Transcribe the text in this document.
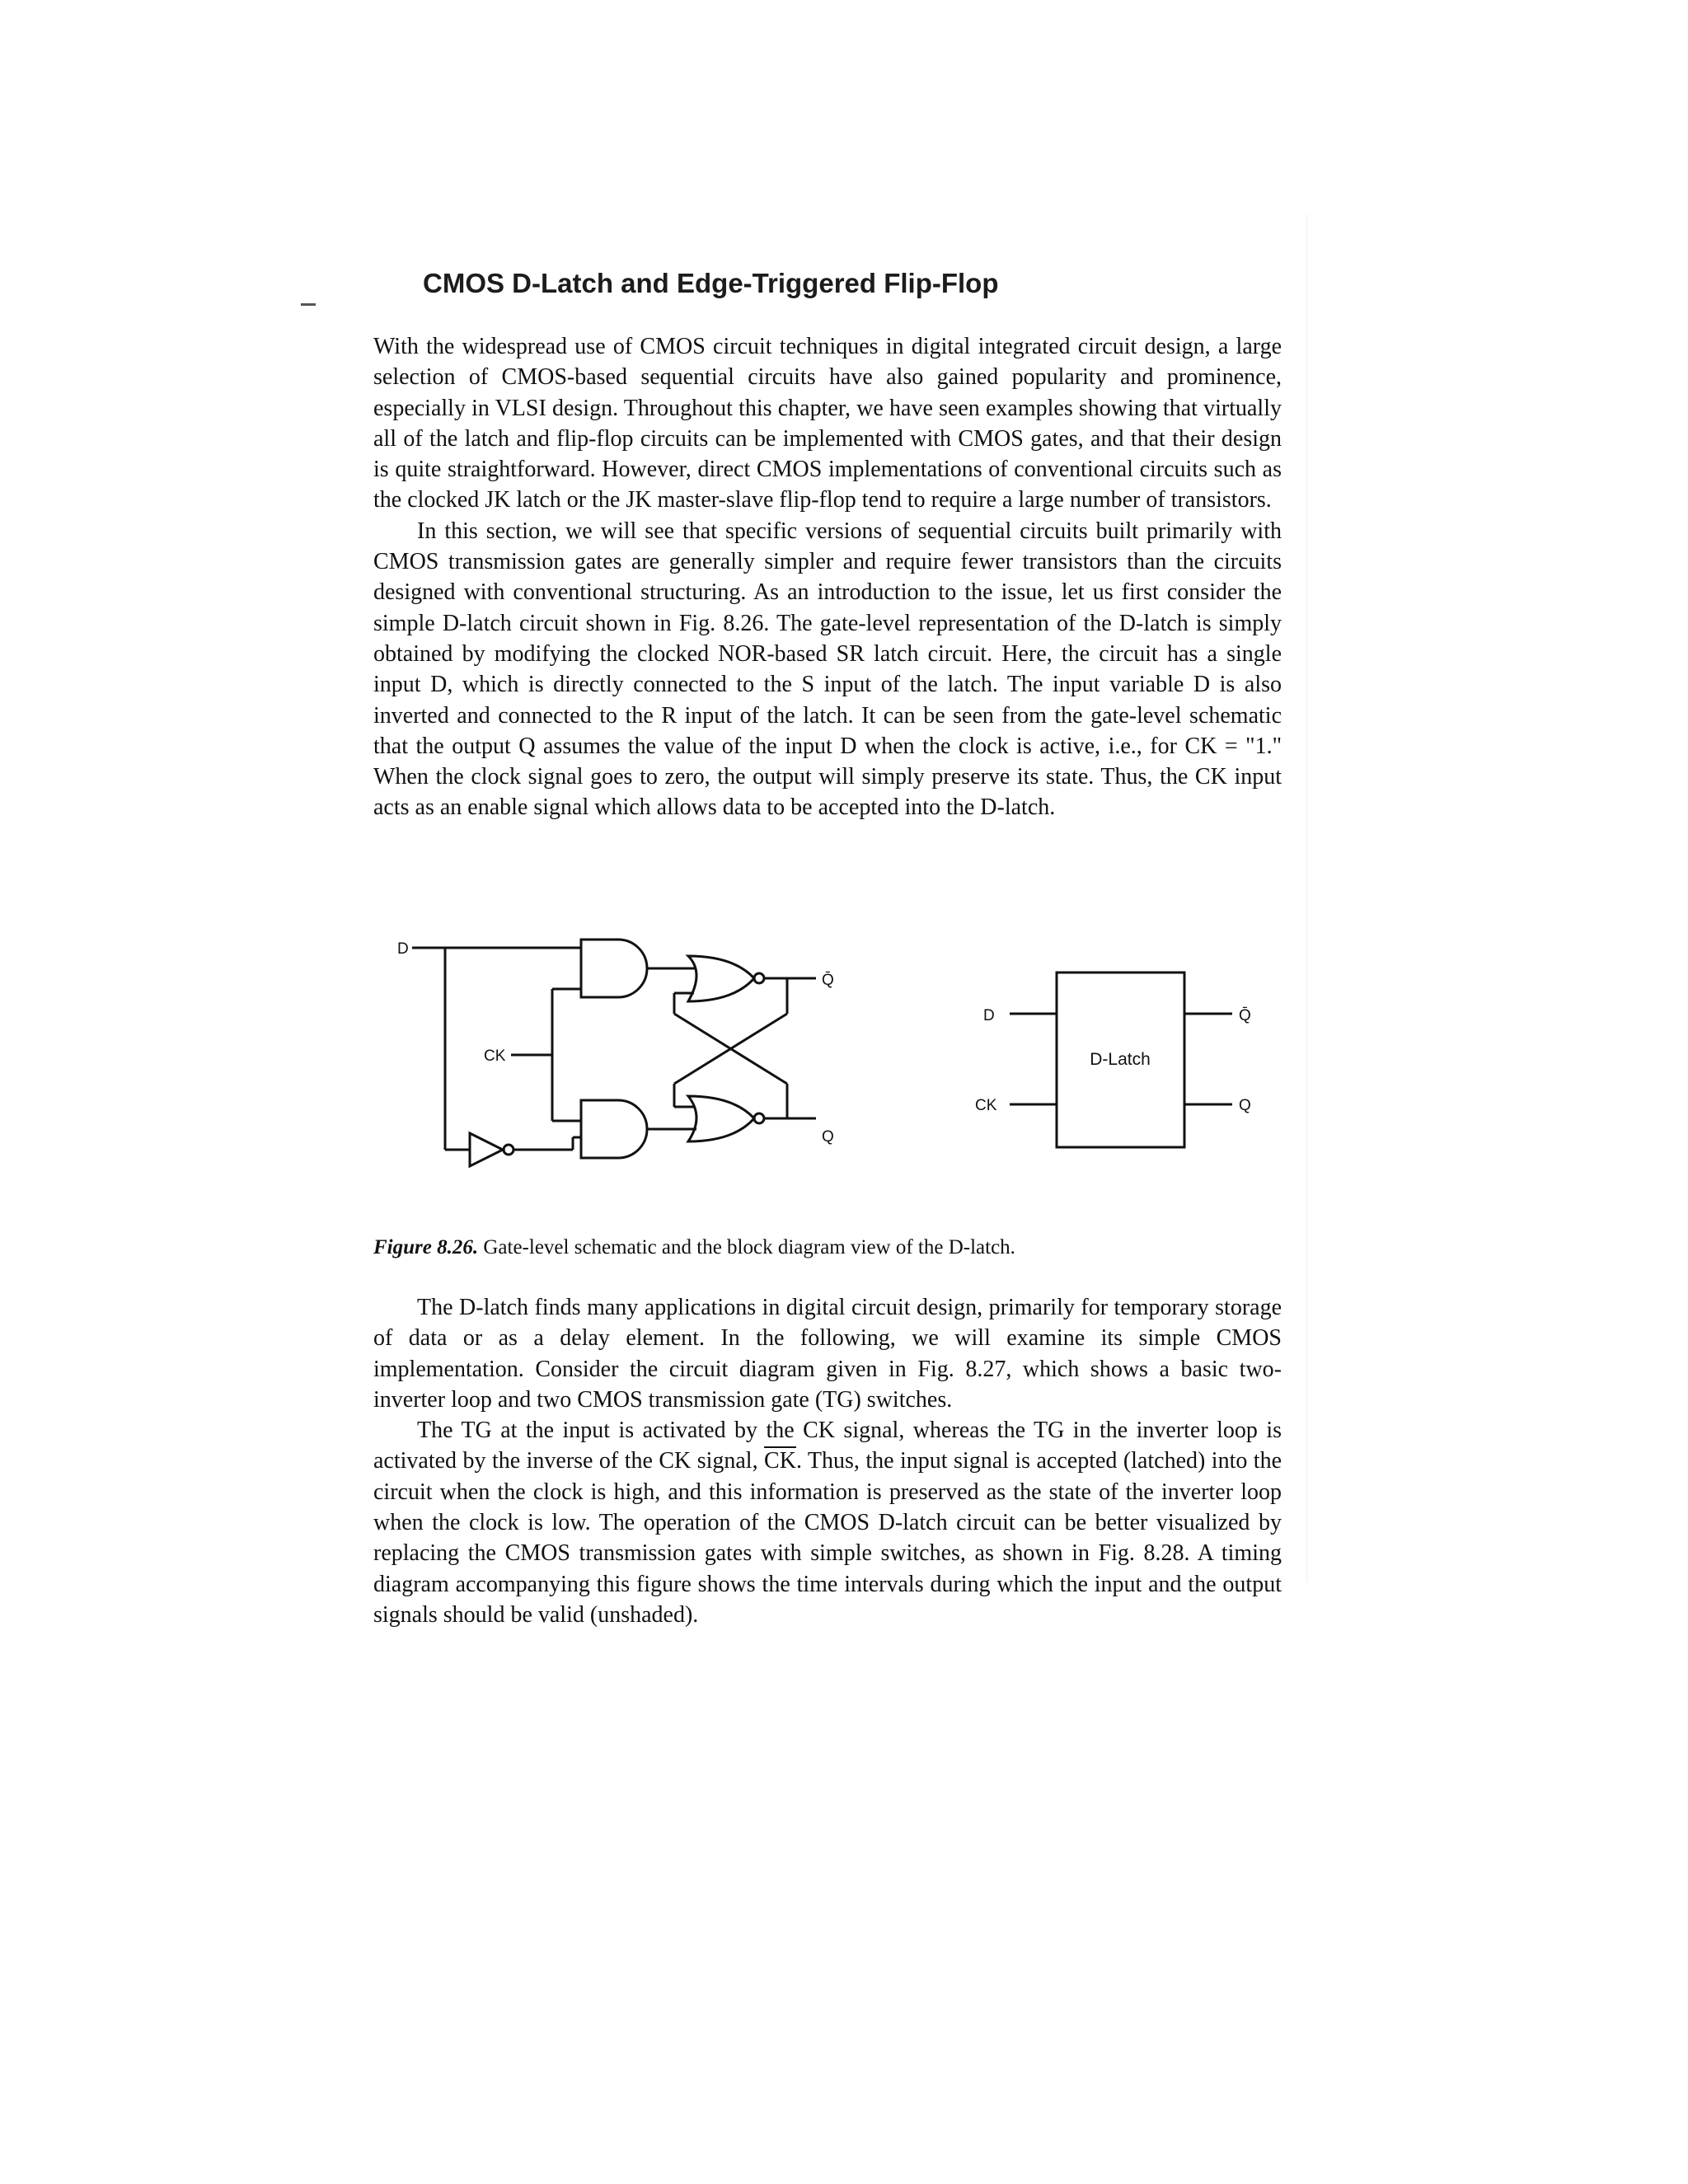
CMOS D-Latch and Edge-Triggered Flip-Flop

With the widespread use of CMOS circuit techniques in digital integrated circuit design, a large selection of CMOS-based sequential circuits have also gained popularity and prominence, especially in VLSI design. Throughout this chapter, we have seen examples showing that virtually all of the latch and flip-flop circuits can be implemented with CMOS gates, and that their design is quite straightforward. However, direct CMOS implementations of conventional circuits such as the clocked JK latch or the JK master-slave flip-flop tend to require a large number of transistors.

In this section, we will see that specific versions of sequential circuits built primarily with CMOS transmission gates are generally simpler and require fewer transistors than the circuits designed with conventional structuring. As an introduction to the issue, let us first consider the simple D-latch circuit shown in Fig. 8.26. The gate-level representation of the D-latch is simply obtained by modifying the clocked NOR-based SR latch circuit. Here, the circuit has a single input D, which is directly connected to the S input of the latch. The input variable D is also inverted and connected to the R input of the latch. It can be seen from the gate-level schematic that the output Q assumes the value of the input D when the clock is active, i.e., for CK = "1." When the clock signal goes to zero, the output will simply preserve its state. Thus, the CK input acts as an enable signal which allows data to be accepted into the D-latch.

D
CK
Q̄
Q
D
CK
Q̄
Q
D-Latch
Figure 8.26. Gate-level schematic and the block diagram view of the D-latch.

The D-latch finds many applications in digital circuit design, primarily for temporary storage of data or as a delay element. In the following, we will examine its simple CMOS implementation. Consider the circuit diagram given in Fig. 8.27, which shows a basic two-inverter loop and two CMOS transmission gate (TG) switches.

The TG at the input is activated by the CK signal, whereas the TG in the inverter loop is activated by the inverse of the CK signal, $\overline{CK}$. Thus, the input signal is accepted (latched) into the circuit when the clock is high, and this information is preserved as the state of the inverter loop when the clock is low. The operation of the CMOS D-latch circuit can be better visualized by replacing the CMOS transmission gates with simple switches, as shown in Fig. 8.28. A timing diagram accompanying this figure shows the time intervals during which the input and the output signals should be valid (unshaded).
